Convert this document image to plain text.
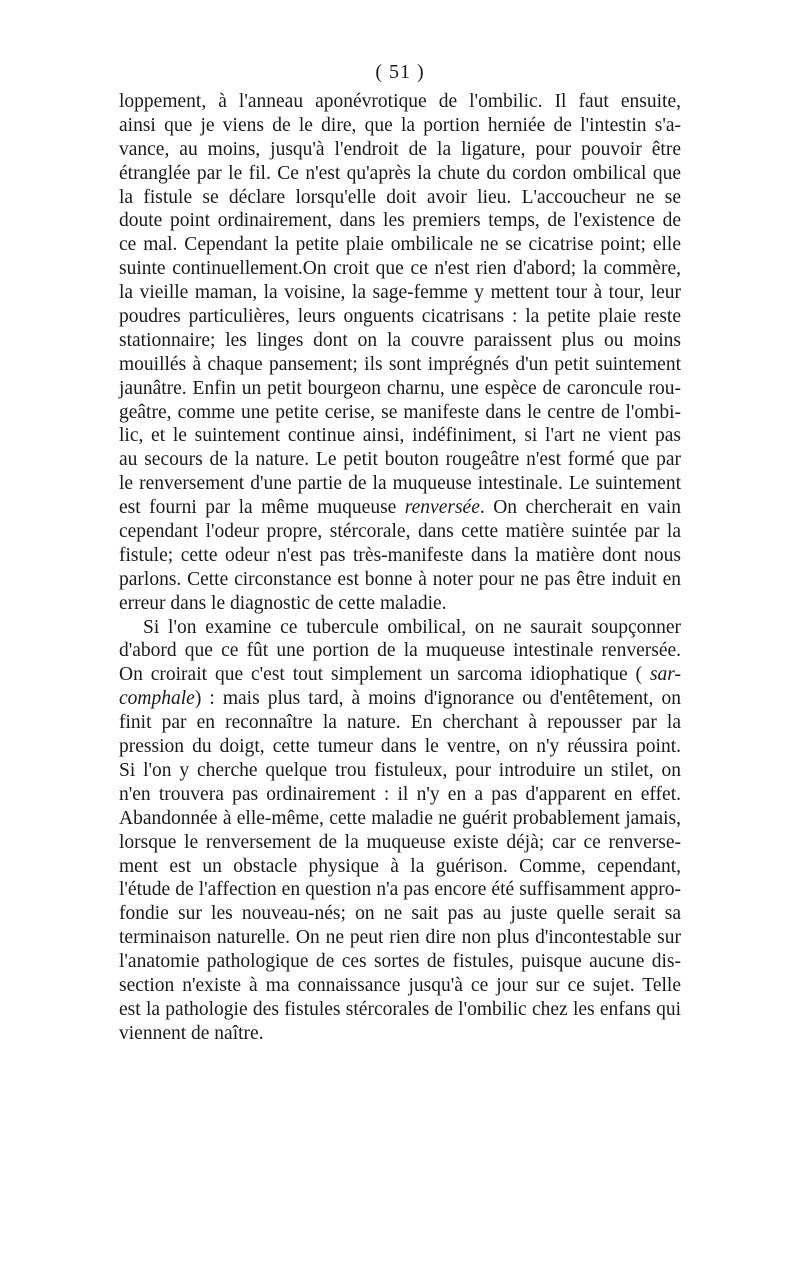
( 51 )
loppement, à l'anneau aponévrotique de l'ombilic. Il faut ensuite,
ainsi que je viens de le dire, que la portion herniée de l'intestin s'a-
vance, au moins, jusqu'à l'endroit de la ligature, pour pouvoir être
étranglée par le fil. Ce n'est qu'après la chute du cordon ombilical que
la fistule se déclare lorsqu'elle doit avoir lieu. L'accoucheur ne se
doute point ordinairement, dans les premiers temps, de l'existence de
ce mal. Cependant la petite plaie ombilicale ne se cicatrise point; elle
suinte continuellement.On croit que ce n'est rien d'abord; la commère,
la vieille maman, la voisine, la sage-femme y mettent tour à tour, leur
poudres particulières, leurs onguents cicatrisans : la petite plaie reste
stationnaire; les linges dont on la couvre paraissent plus ou moins
mouillés à chaque pansement; ils sont imprégnés d'un petit suintement
jaunâtre. Enfin un petit bourgeon charnu, une espèce de caroncule rou-
geâtre, comme une petite cerise, se manifeste dans le centre de l'ombi-
lic, et le suintement continue ainsi, indéfiniment, si l'art ne vient pas
au secours de la nature. Le petit bouton rougeâtre n'est formé que par
le renversement d'une partie de la muqueuse intestinale. Le suintement
est fourni par la même muqueuse renversée. On chercherait en vain
cependant l'odeur propre, stércorale, dans cette matière suintée par la
fistule; cette odeur n'est pas très-manifeste dans la matière dont nous
parlons. Cette circonstance est bonne à noter pour ne pas être induit en
erreur dans le diagnostic de cette maladie.
Si l'on examine ce tubercule ombilical, on ne saurait soupçonner
d'abord que ce fût une portion de la muqueuse intestinale renversée.
On croirait que c'est tout simplement un sarcoma idiophatique ( sar-
comphale) : mais plus tard, à moins d'ignorance ou d'entêtement, on
finit par en reconnaître la nature. En cherchant à repousser par la
pression du doigt, cette tumeur dans le ventre, on n'y réussira point.
Si l'on y cherche quelque trou fistuleux, pour introduire un stilet, on
n'en trouvera pas ordinairement : il n'y en a pas d'apparent en effet.
Abandonnée à elle-même, cette maladie ne guérit probablement jamais,
lorsque le renversement de la muqueuse existe déjà; car ce renverse-
ment est un obstacle physique à la guérison. Comme, cependant,
l'étude de l'affection en question n'a pas encore été suffisamment appro-
fondie sur les nouveau-nés; on ne sait pas au juste quelle serait sa
terminaison naturelle. On ne peut rien dire non plus d'incontestable sur
l'anatomie pathologique de ces sortes de fistules, puisque aucune dis-
section n'existe à ma connaissance jusqu'à ce jour sur ce sujet. Telle
est la pathologie des fistules stércorales de l'ombilic chez les enfans qui
viennent de naître.
